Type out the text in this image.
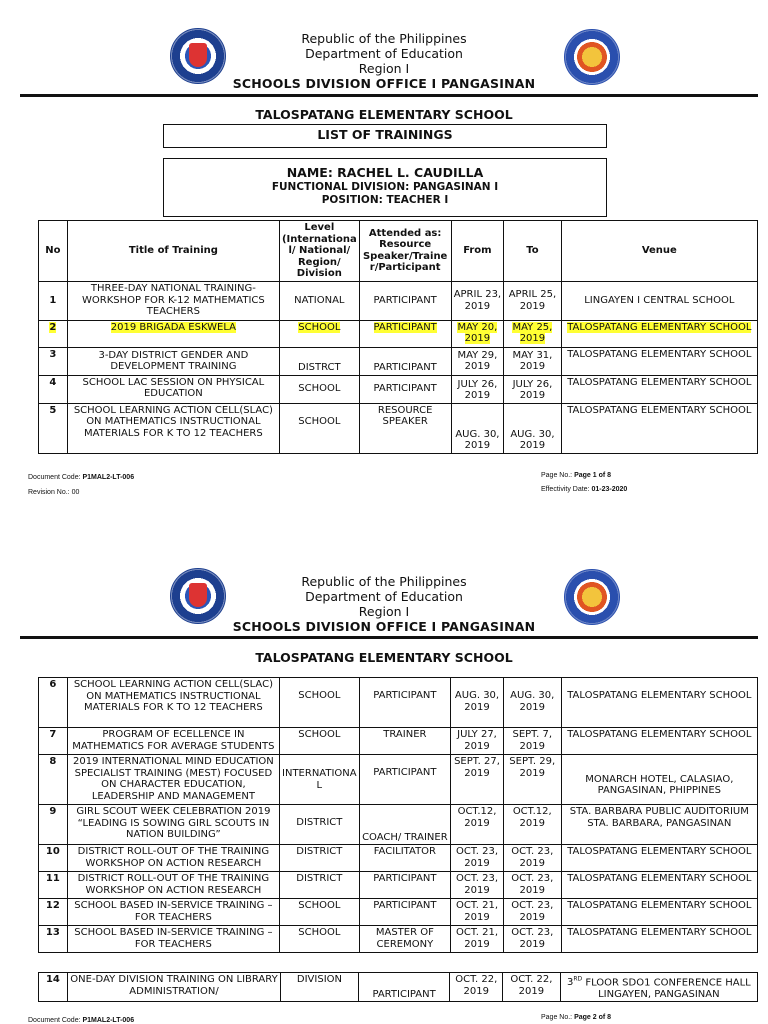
Republic of the Philippines
Department of Education
Region I
SCHOOLS DIVISION OFFICE I PANGASINAN
TALOSPATANG ELEMENTARY SCHOOL
LIST OF TRAININGS
NAME: RACHEL L. CAUDILLA
FUNCTIONAL DIVISION: PANGASINAN I
POSITION: TEACHER I
No	Title of Training	Level (Internationa l/ National/ Region/ Division	Attended as: Resource Speaker/Traine r/Participant	From	To	Venue
1	THREE-DAY NATIONAL TRAINING-WORKSHOP FOR K-12 MATHEMATICS TEACHERS	NATIONAL	PARTICIPANT	APRIL 23, 2019	APRIL 25, 2019	LINGAYEN I CENTRAL SCHOOL
2	2019 BRIGADA ESKWELA	SCHOOL	PARTICIPANT	MAY 20, 2019	MAY 25, 2019	TALOSPATANG ELEMENTARY SCHOOL
3	3-DAY DISTRICT GENDER AND DEVELOPMENT TRAINING	DISTRCT	PARTICIPANT	MAY 29, 2019	MAY 31, 2019	TALOSPATANG ELEMENTARY SCHOOL
4	SCHOOL LAC SESSION ON PHYSICAL EDUCATION	SCHOOL	PARTICIPANT	JULY 26, 2019	JULY 26, 2019	TALOSPATANG ELEMENTARY SCHOOL
5	SCHOOL LEARNING ACTION CELL(SLAC) ON MATHEMATICS INSTRUCTIONAL MATERIALS FOR K TO 12 TEACHERS	SCHOOL	RESOURCE SPEAKER	AUG. 30, 2019	AUG. 30, 2019	TALOSPATANG ELEMENTARY SCHOOL
Document Code: P1MAL2-LT-006
Revision No.: 00
Page No.: Page 1 of 8
Effectivity Date: 01-23-2020
Republic of the Philippines
Department of Education
Region I
SCHOOLS DIVISION OFFICE I PANGASINAN
TALOSPATANG ELEMENTARY SCHOOL
6	SCHOOL LEARNING ACTION CELL(SLAC) ON MATHEMATICS INSTRUCTIONAL MATERIALS FOR K TO 12 TEACHERS	SCHOOL	PARTICIPANT	AUG. 30, 2019	AUG. 30, 2019	TALOSPATANG ELEMENTARY SCHOOL
7	PROGRAM OF ECELLENCE IN MATHEMATICS FOR AVERAGE STUDENTS	SCHOOL	TRAINER	JULY 27, 2019	SEPT. 7, 2019	TALOSPATANG ELEMENTARY SCHOOL
8	2019 INTERNATIONAL MIND EDUCATION SPECIALIST TRAINING (MEST) FOCUSED ON CHARACTER EDUCATION, LEADERSHIP AND MANAGEMENT	INTERNATIONA L	PARTICIPANT	SEPT. 27, 2019	SEPT. 29, 2019	MONARCH HOTEL, CALASIAO, PANGASINAN, PHIPPINES
9	GIRL SCOUT WEEK CELEBRATION 2019 “LEADING IS SOWING GIRL SCOUTS IN NATION BUILDING”	DISTRICT	COACH/ TRAINER	OCT.12, 2019	OCT.12, 2019	STA. BARBARA PUBLIC AUDITORIUM STA. BARBARA, PANGASINAN
10	DISTRICT ROLL-OUT OF THE TRAINING WORKSHOP ON ACTION RESEARCH	DISTRICT	FACILITATOR	OCT. 23, 2019	OCT. 23, 2019	TALOSPATANG ELEMENTARY SCHOOL
11	DISTRICT ROLL-OUT OF THE TRAINING WORKSHOP ON ACTION RESEARCH	DISTRICT	PARTICIPANT	OCT. 23, 2019	OCT. 23, 2019	TALOSPATANG ELEMENTARY SCHOOL
12	SCHOOL BASED IN-SERVICE TRAINING – FOR TEACHERS	SCHOOL	PARTICIPANT	OCT. 21, 2019	OCT. 23, 2019	TALOSPATANG ELEMENTARY SCHOOL
13	SCHOOL BASED IN-SERVICE TRAINING – FOR TEACHERS	SCHOOL	MASTER OF CEREMONY	OCT. 21, 2019	OCT. 23, 2019	TALOSPATANG ELEMENTARY SCHOOL
14	ONE-DAY DIVISION TRAINING ON LIBRARY ADMINISTRATION/	DIVISION	PARTICIPANT	OCT. 22, 2019	OCT. 22, 2019	3RD FLOOR SDO1 CONFERENCE HALL LINGAYEN, PANGASINAN
Document Code: P1MAL2-LT-006	Page No.: Page 2 of 8
